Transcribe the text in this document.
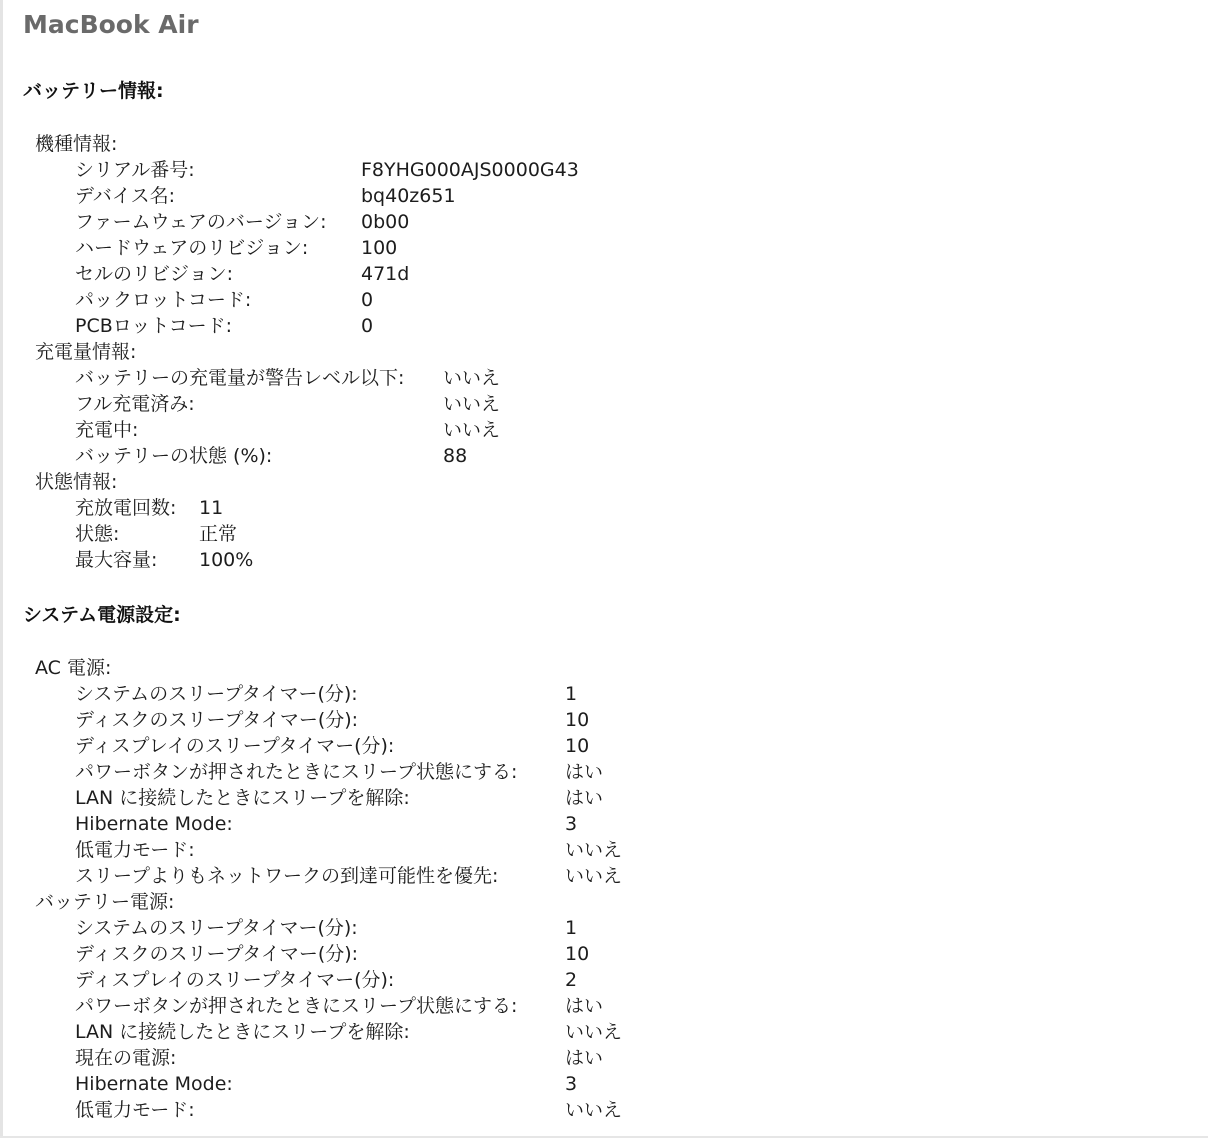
MacBook Air
バッテリー情報:
機種情報:
シリアル番号:	F8YHG000AJS0000G43
デバイス名:	bq40z651
ファームウェアのバージョン: 0b00
ハードウェアのリビジョン:	100
セルのリビジョン:	471d
パックロットコード:	0
PCBロットコード:	0
充電量情報:
バッテリーの充電量が警告レベル以下: いいえ
フル充電済み:	いいえ
充電中:	いいえ
バッテリーの状態 (%):	88
状態情報:
充放電回数: 11
状態:	正常
最大容量: 100%
システム電源設定:
AC 電源:
システムのスリープタイマー(分):	1
ディスクのスリープタイマー(分):	10
ディスプレイのスリープタイマー(分):	10
パワーボタンが押されたときにスリープ状態にする:	はい
LAN に接続したときにスリープを解除:	はい
Hibernate Mode:	3
低電力モード:	いいえ
スリープよりもネットワークの到達可能性を優先:	いいえ
バッテリー電源:
システムのスリープタイマー(分):	1
ディスクのスリープタイマー(分):	10
ディスプレイのスリープタイマー(分):	2
パワーボタンが押されたときにスリープ状態にする:	はい
LAN に接続したときにスリープを解除:	いいえ
現在の電源:	はい
Hibernate Mode:	3
低電力モード:	いいえ
